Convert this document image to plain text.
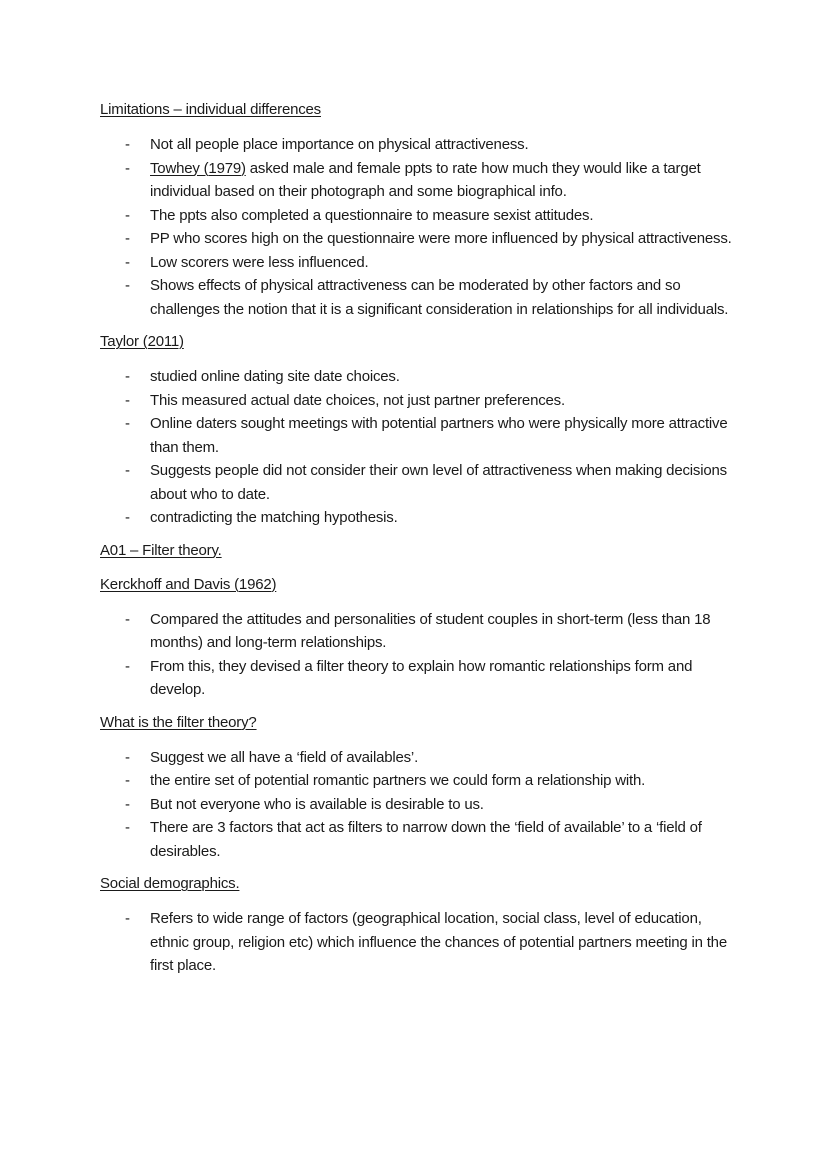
Limitations – individual differences

- Not all people place importance on physical attractiveness.
- Towhey (1979) asked male and female ppts to rate how much they would like a target individual based on their photograph and some biographical info.
- The ppts also completed a questionnaire to measure sexist attitudes.
- PP who scores high on the questionnaire were more influenced by physical attractiveness.
- Low scorers were less influenced.
- Shows effects of physical attractiveness can be moderated by other factors and so challenges the notion that it is a significant consideration in relationships for all individuals.

Taylor (2011)

- studied online dating site date choices.
- This measured actual date choices, not just partner preferences.
- Online daters sought meetings with potential partners who were physically more attractive than them.
- Suggests people did not consider their own level of attractiveness when making decisions about who to date.
- contradicting the matching hypothesis.

A01 – Filter theory.

Kerckhoff and Davis (1962)

- Compared the attitudes and personalities of student couples in short-term (less than 18 months) and long-term relationships.
- From this, they devised a filter theory to explain how romantic relationships form and develop.

What is the filter theory?

- Suggest we all have a ‘field of availables’.
- the entire set of potential romantic partners we could form a relationship with.
- But not everyone who is available is desirable to us.
- There are 3 factors that act as filters to narrow down the ‘field of available’ to a ‘field of desirables.

Social demographics.

- Refers to wide range of factors (geographical location, social class, level of education, ethnic group, religion etc) which influence the chances of potential partners meeting in the first place.
